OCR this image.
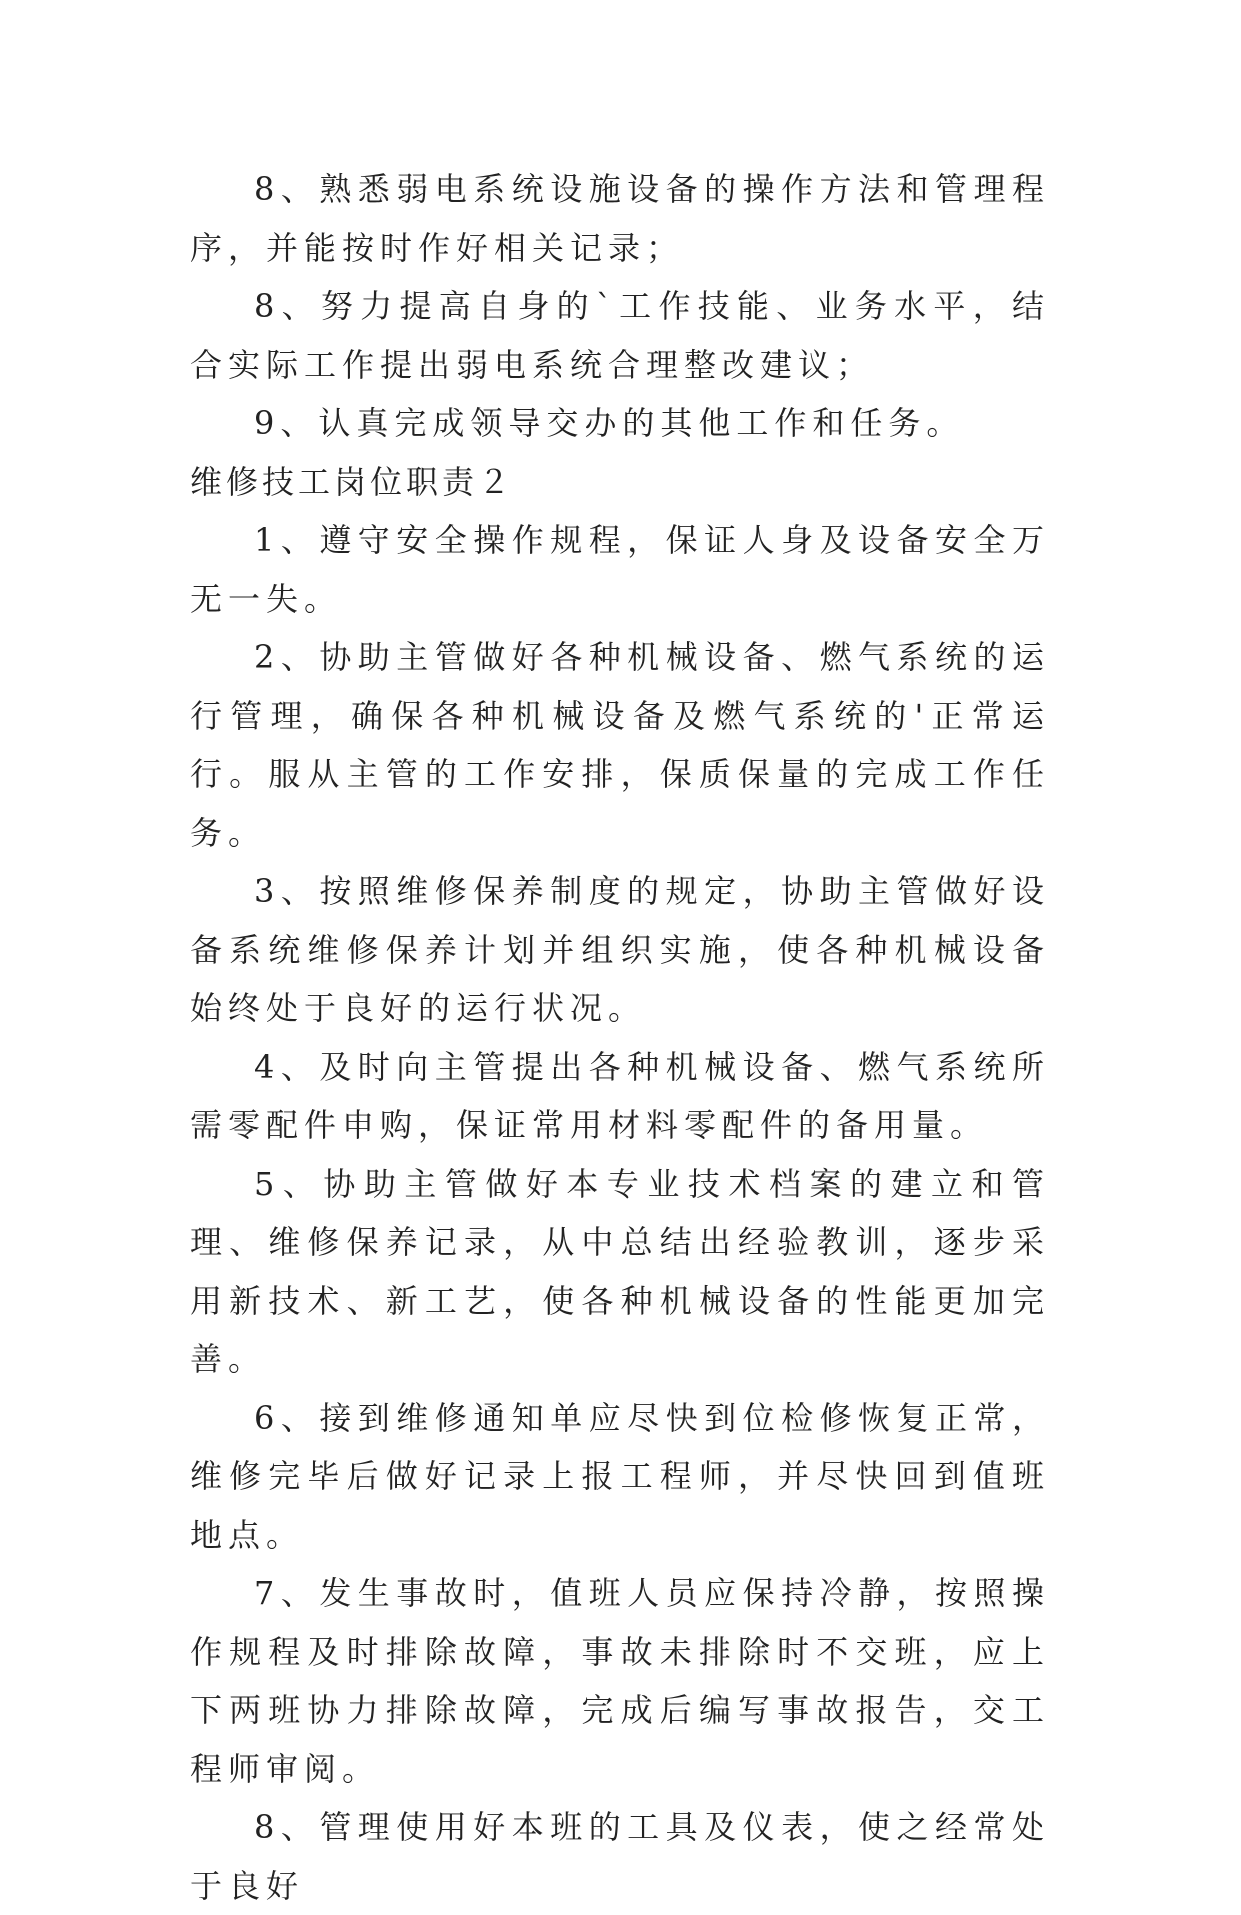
8、熟悉弱电系统设施设备的操作方法和管理程序，并能按时作好相关记录；

8、努力提高自身的`工作技能、业务水平，结合实际工作提出弱电系统合理整改建议；

9、认真完成领导交办的其他工作和任务。

维修技工岗位职责２

1、遵守安全操作规程，保证人身及设备安全万无一失。

2、协助主管做好各种机械设备、燃气系统的运行管理，确保各种机械设备及燃气系统的'正常运行。服从主管的工作安排，保质保量的完成工作任务。

3、按照维修保养制度的规定，协助主管做好设备系统维修保养计划并组织实施，使各种机械设备始终处于良好的运行状况。

4、及时向主管提出各种机械设备、燃气系统所需零配件申购，保证常用材料零配件的备用量。

5、协助主管做好本专业技术档案的建立和管理、维修保养记录，从中总结出经验教训，逐步采用新技术、新工艺，使各种机械设备的性能更加完善。

6、接到维修通知单应尽快到位检修恢复正常，维修完毕后做好记录上报工程师，并尽快回到值班地点。

7、发生事故时，值班人员应保持冷静，按照操作规程及时排除故障，事故未排除时不交班，应上下两班协力排除故障，完成后编写事故报告，交工程师审阅。

8、管理使用好本班的工具及仪表，使之经常处于良好
